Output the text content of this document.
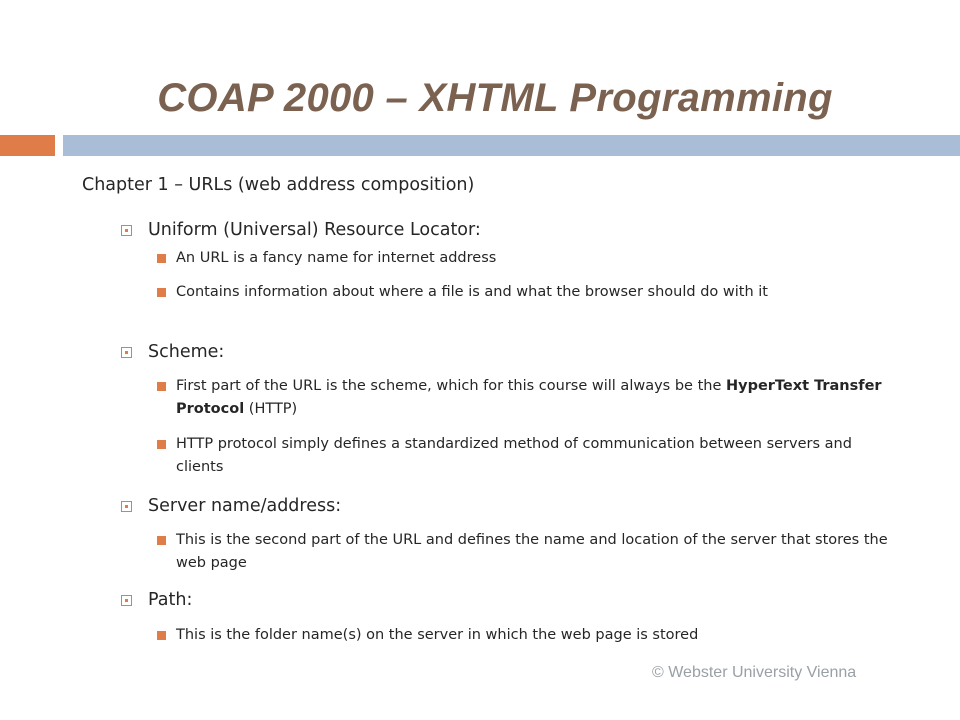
COAP 2000 – XHTML Programming
Chapter 1 – URLs (web address composition)
Uniform (Universal) Resource Locator:
An URL is a fancy name for internet address
Contains information about where a file is and what the browser should do with it
Scheme:
First part of the URL is the scheme, which for this course will always be the HyperText Transfer Protocol (HTTP)
HTTP protocol simply defines a standardized method of communication between servers and clients
Server name/address:
This is the second part of the URL and defines the name and location of the server that stores the web page
Path:
This is the folder name(s) on the server in which the web page is stored
© Webster University Vienna
